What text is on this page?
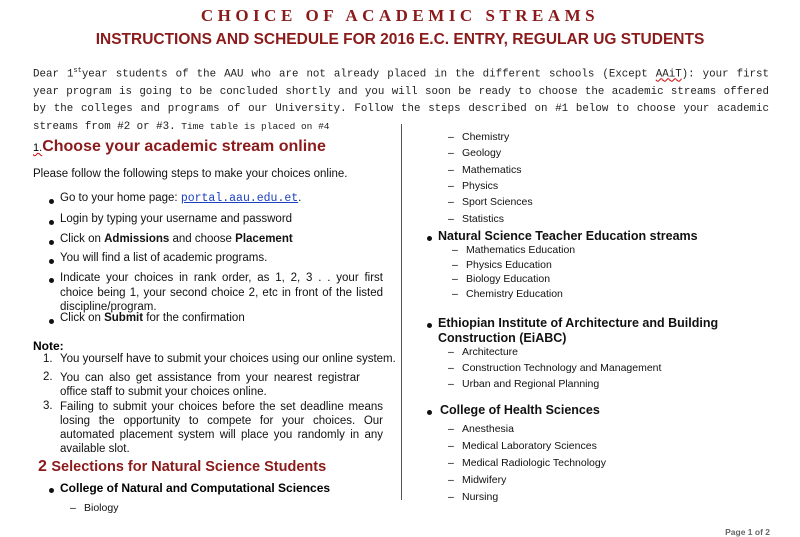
CHOICE OF ACADEMIC STREAMS
INSTRUCTIONS AND SCHEDULE FOR 2016 E.C. ENTRY, REGULAR UG STUDENTS
Dear 1styear students of the AAU who are not already placed in the different schools (Except AAiT): your first year program is going to be concluded shortly and you will soon be ready to choose the academic streams offered by the colleges and programs of our University. Follow the steps described on #1 below to choose your academic streams from #2 or #3. Time table is placed on #4
1.Choose your academic stream online
Please follow the following steps to make your choices online.
Go to your home page: portal.aau.edu.et.
Login by typing your username and password
Click on Admissions and choose Placement
You will find a list of academic programs.
Indicate your choices in rank order, as 1, 2, 3 . . your first choice being 1, your second choice 2, etc in front of the listed discipline/program.
Click on Submit for the confirmation
Note:
1. You yourself have to submit your choices using our online system.
2. You can also get assistance from your nearest registrar office staff to submit your choices online.
3. Failing to submit your choices before the set deadline means losing the opportunity to compete for your choices. Our automated placement system will place you randomly in any available slot.
2 Selections for Natural Science Students
College of Natural and Computational Sciences
– Biology
– Chemistry
– Geology
– Mathematics
– Physics
– Sport Sciences
– Statistics
Natural Science Teacher Education streams
– Mathematics Education
– Physics Education
– Biology Education
– Chemistry Education
Ethiopian Institute of Architecture and Building
Construction (EiABC)
– Architecture
– Construction Technology and Management
– Urban and Regional Planning
College of Health Sciences
– Anesthesia
– Medical Laboratory Sciences
– Medical Radiologic Technology
– Midwifery
– Nursing
Page 1 of 2
